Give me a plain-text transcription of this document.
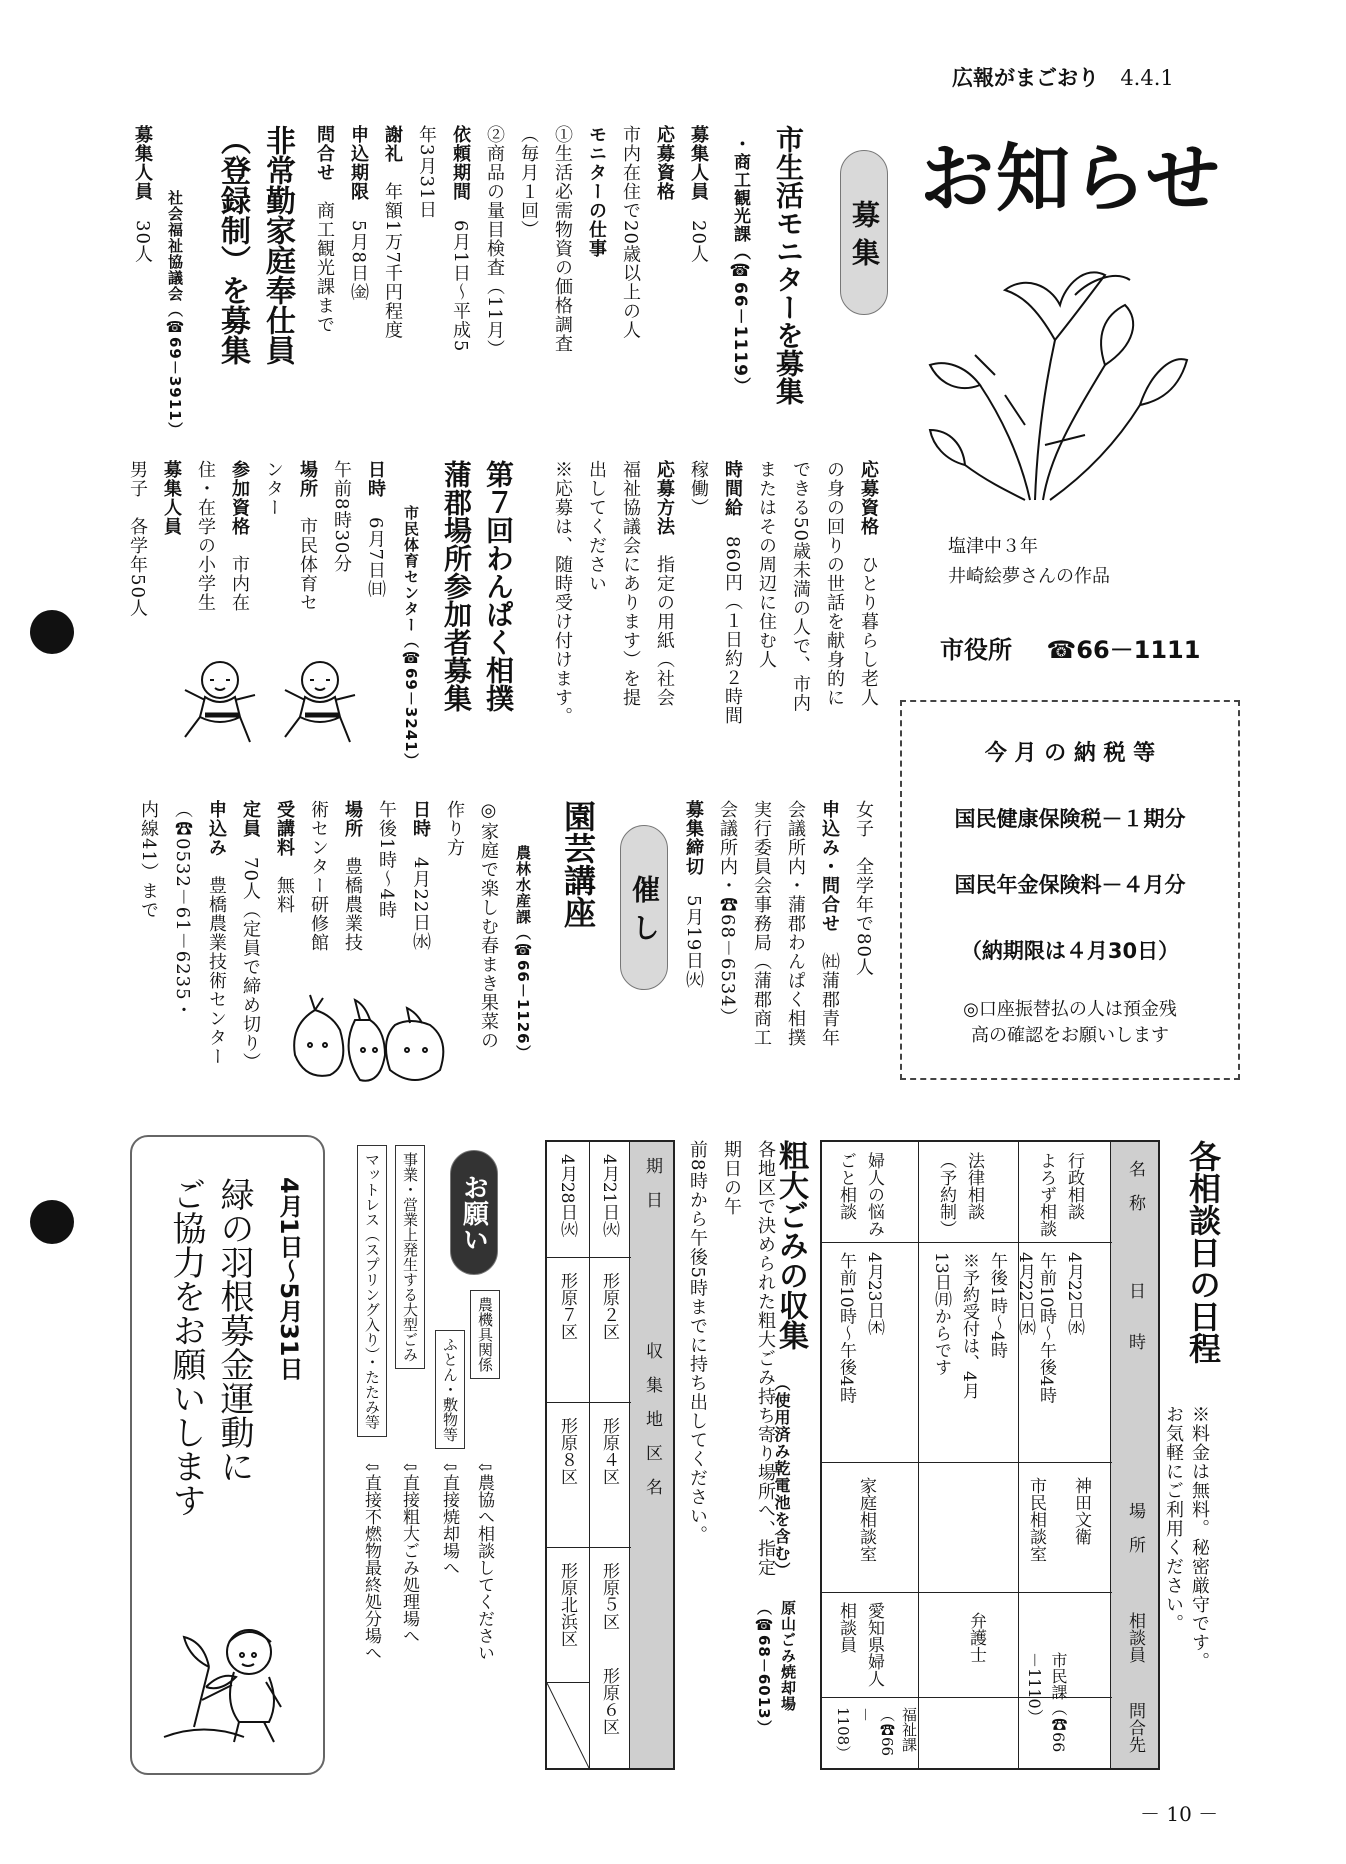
広報がまごおり 4.4.1
お知らせ
塩津中３年
井崎絵夢さんの作品
市役所 ☎66－1111
今 月 の 納 税 等
国民健康保険税－１期分
国民年金保険料－４月分
（納期限は４月30日）
◎口座振替払の人は預金残
高の確認をお願いします
募 集
催 し
市生活モニターを募集
・商工観光課（☎66－1119）
募集人員　20人
応募資格
市内在住で20歳以上の人
モニターの仕事
①生活必需物資の価格調査
（毎月１回）
②商品の量目検査（11月）
依頼期間　6月1日～平成5
年3月31日
謝礼　年額1万7千円程度
申込期限　5月8日㈮
問合せ　商工観光課まで
非常勤家庭奉仕員
（登録制）を募集
社会福祉協議会（☎69－3911）
募集人員　30人
応募資格　ひとり暮らし老人
の身の回りの世話を献身的に
できる50歳未満の人で、市内
またはその周辺に住む人
時間給　860円（１日約２時間
稼働）
応募方法　指定の用紙（社会
福祉協議会にあります）を提
出してください
※応募は、随時受け付けます。
第７回わんぱく相撲
蒲郡場所参加者募集
市民体育センター（☎69－3241）
日時　6月7日㈰
午前8時30分
場所　市民体育セ
ンター
参加資格　市内在
住・在学の小学生
募集人員
男子　各学年50人
女子　全学年で80人
申込み・問合せ　㈳蒲郡青年
会議所内・蒲郡わんぱく相撲
実行委員会事務局（蒲郡商工
会議所内・☎68－6534）
募集締切　5月19日㈫
園芸講座
農林水産課（☎66－1126）
◎家庭で楽しむ春まき果菜の
作り方
日時　4月22日㈬
午後1時～4時
場所　豊橋農業技
術センター研修館
受講料　無料
定員　70人（定員で締め切り）
申込み　豊橋農業技術センター
（☎0532－61－6235・
内線41）まで
各相談日の日程
※料金は無料。秘密厳守です。
お気軽にご利用ください。
名　称
日　　時
場　所
相談員
問合先
行政相談
よろず相談
4月22日㈬
午前10時～午後4時
神田文衛
法律相談
（予約制）
4月22日㈬
午後1時～4時
※予約受付は、4月
13日㈪からです
市民相談室
弁護士
市民課（☎66－1110）
婦人の悩み
ごと相談
4月23日㈭
午前10時～午後4時
家庭相談室
愛知県婦人相談員
福祉課（☎66－1108）
粗大ごみの収集
（使用済み乾電池を含む）
原山ごみ焼却場
（☎68－6013）
各地区で決められた粗大ごみ持ち寄り場所へ、指定期日の午
前8時から午後5時までに持ち出してください。
期　日
収　集　地　区　名
4月21日㈫
4月28日㈫
形原２区
形原４区
形原５区
形原６区
形原７区
形原８区
形原北浜区
お願い
農機具関係
⇩農協へ相談してください
ふとん・敷物等
⇩直接焼却場へ
事業・営業上発生する大型ごみ
⇩直接粗大ごみ処理場へ
マットレス（スプリング入り）・たたみ等
⇩直接不燃物最終処分場へ
4月1日～5月31日
緑の羽根募金運動に
ご協力をお願いします
－ 10 －
